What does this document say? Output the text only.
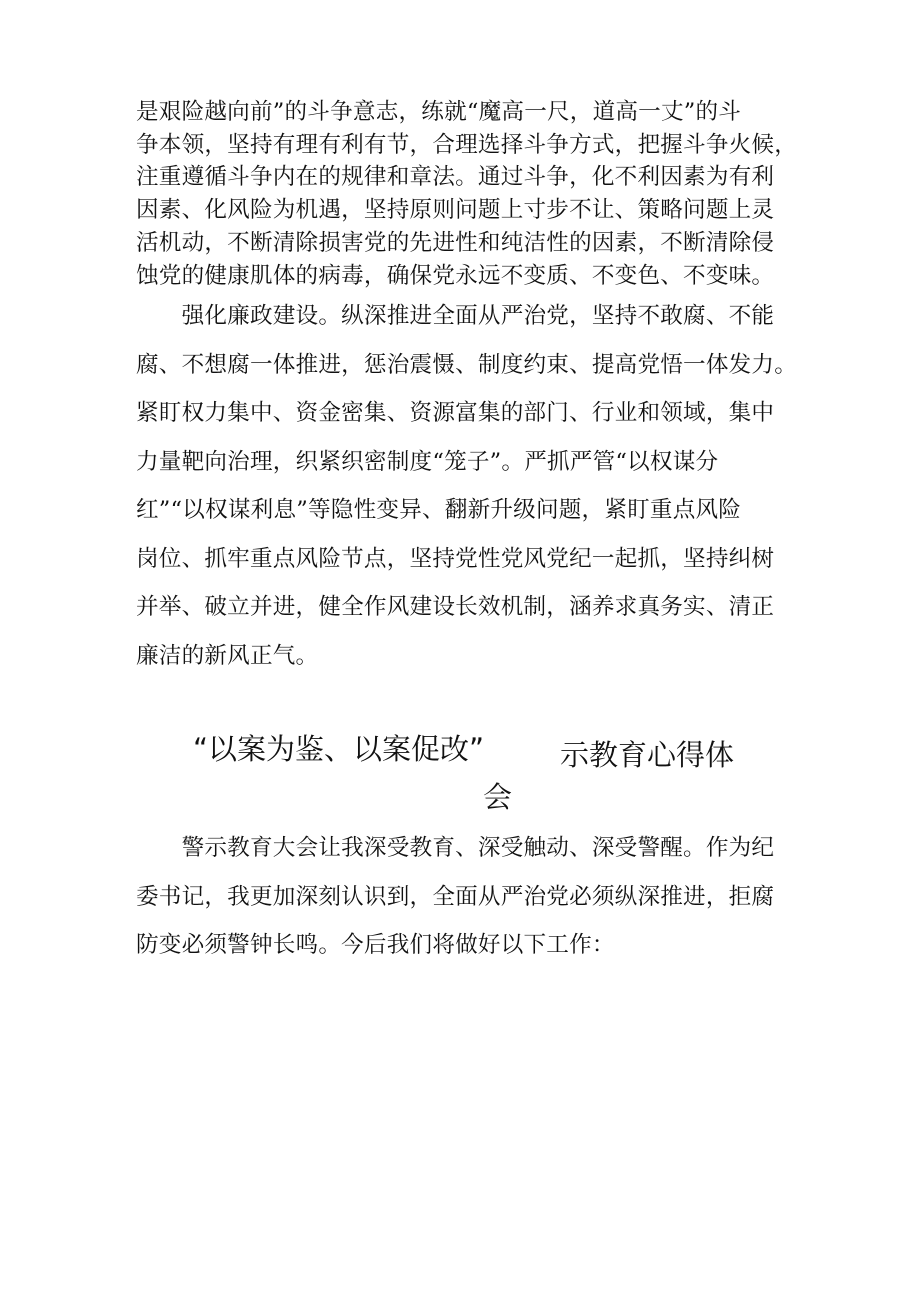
是艰险越向前”的斗争意志，练就“魔高一尺，道高一丈”的斗
争本领，坚持有理有利有节，合理选择斗争方式，把握斗争火候，
注重遵循斗争内在的规律和章法。通过斗争，化不利因素为有利
因素、化风险为机遇，坚持原则问题上寸步不让、策略问题上灵
活机动，不断清除损害党的先进性和纯洁性的因素，不断清除侵
蚀党的健康肌体的病毒，确保党永远不变质、不变色、不变味。
　　强化廉政建设。纵深推进全面从严治党，坚持不敢腐、不能
腐、不想腐一体推进，惩治震慑、制度约束、提高党悟一体发力。
紧盯权力集中、资金密集、资源富集的部门、行业和领域，集中
力量靶向治理，织紧织密制度“笼子”。严抓严管“以权谋分
红”“以权谋利息”等隐性变异、翻新升级问题，紧盯重点风险
岗位、抓牢重点风险节点，坚持党性党风党纪一起抓，坚持纠树
并举、破立并进，健全作风建设长效机制，涵养求真务实、清正
廉洁的新风正气。
“以案为鉴、以案促改”	示教育心得体
会
　　警示教育大会让我深受教育、深受触动、深受警醒。作为纪
委书记，我更加深刻认识到，全面从严治党必须纵深推进，拒腐
防变必须警钟长鸣。今后我们将做好以下工作：
